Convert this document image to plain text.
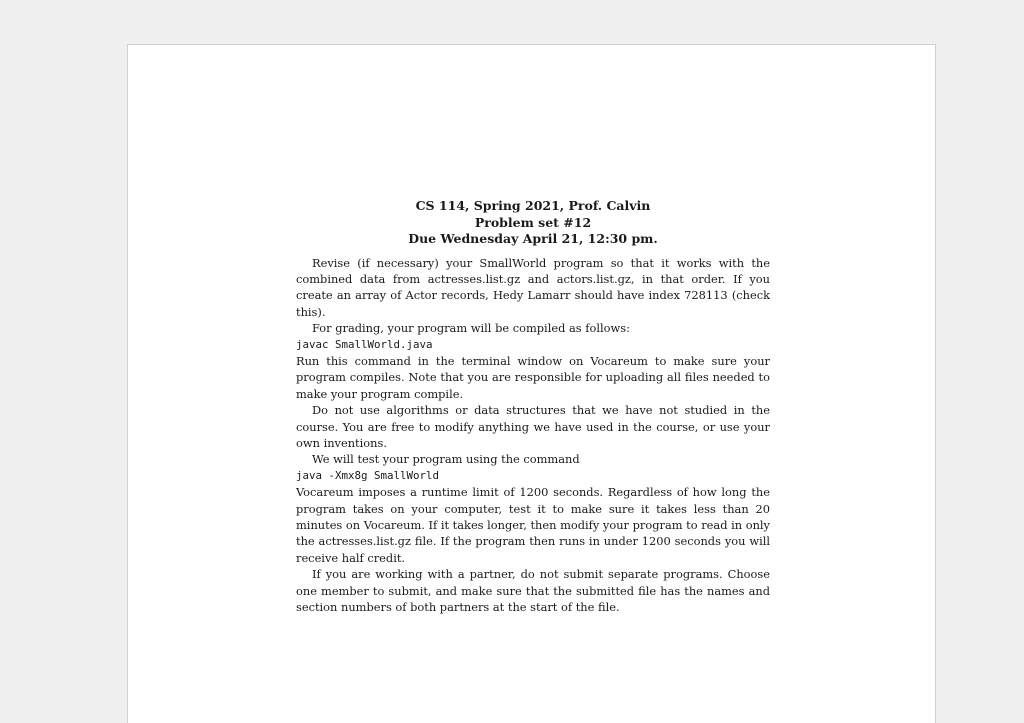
CS 114, Spring 2021, Prof. Calvin
Problem set #12
Due Wednesday April 21, 12:30 pm.

Revise (if necessary) your SmallWorld program so that it works with the combined data from actresses.list.gz and actors.list.gz, in that order. If you create an array of Actor records, Hedy Lamarr should have index 728113 (check this).

For grading, your program will be compiled as follows:

javac SmallWorld.java

Run this command in the terminal window on Vocareum to make sure your program compiles. Note that you are responsible for uploading all files needed to make your program compile.

Do not use algorithms or data structures that we have not studied in the course. You are free to modify anything we have used in the course, or use your own inventions.

We will test your program using the command

java -Xmx8g SmallWorld

Vocareum imposes a runtime limit of 1200 seconds. Regardless of how long the program takes on your computer, test it to make sure it takes less than 20 minutes on Vocareum. If it takes longer, then modify your program to read in only the actresses.list.gz file. If the program then runs in under 1200 seconds you will receive half credit.

If you are working with a partner, do not submit separate programs. Choose one member to submit, and make sure that the submitted file has the names and section numbers of both partners at the start of the file.
